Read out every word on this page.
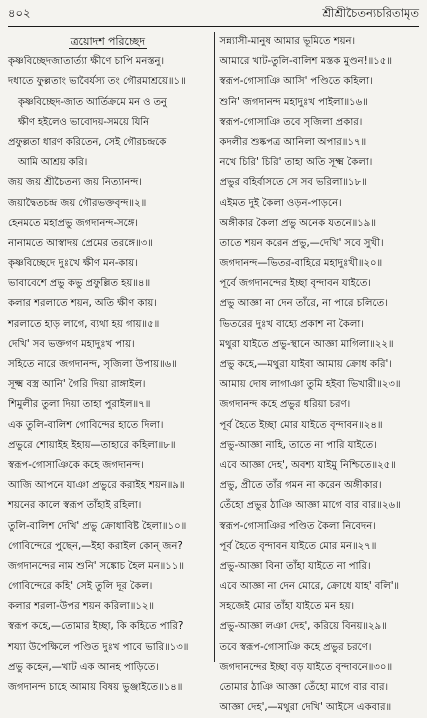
৪০২	শ্রীশ্রীচৈতন্যচরিতামৃত
ত্রয়োদশ পরিচ্ছেদ
কৃষ্ণবিচ্ছেদজাতার্ত্যা ক্ষীণে চাপি মনস্তনু।
দধাতে ফুল্লতাং ভাবৈর্যস্য তং গৌরমাশ্রয়ে॥১॥
কৃষ্ণবিচ্ছেদ-জাত আর্তিক্রমে মন ও তনু
ক্ষীণ হইলেও ভাবোদয়-সময়ে যিনি
প্রফুল্লতা ধারণ করিতেন, সেই গৌরচন্দ্রকে
আমি আশ্রয় করি।
জয় জয় শ্রীচৈতন্য জয় নিত্যানন্দ।
জয়াদ্বৈতচন্দ্র জয় গৌরভক্তবৃন্দ॥২॥
হেনমতে মহাপ্রভু জগদানন্দ-সঙ্গে।
নানামতে আস্বাদয় প্রেমের তরঙ্গে॥৩॥
কৃষ্ণবিচ্ছেদে দুঃখে ক্ষীণ মন-কায়।
ভাবাবেশে প্রভু কভু প্রফুল্লিত হয়॥৪॥
কলার শরলাতে শয়ন, অতি ক্ষীণ কায়।
শরলাতে হাড় লাগে, ব্যথা হয় গায়॥৫॥
দেখি' সব ভক্তগণ মহাদুঃখ পায়।
সহিতে নারে জগদানন্দ, সৃজিলা উপায়॥৬॥
সূক্ষ্ম বস্ত্র আনি' গৈরি দিয়া রাঙ্গাইল।
শিমুলীর তুলা দিয়া তাহা পুরাইল॥৭॥
এক তুলি-বালিশ গোবিন্দের হাতে দিলা।
প্রভুরে শোয়াইহ ইহায়—তাহারে কহিলা॥৮॥
স্বরূপ-গোসাঞিকে কহে জগদানন্দ।
আজি আপনে যাঞা প্রভুরে করাইহ শয়ন॥৯॥
শয়নের কালে স্বরূপ তাঁহাই রহিলা।
তুলি-বালিশ দেখি' প্রভু ক্রোধাবিষ্ট হৈলা॥১০॥
গোবিন্দেরে পুছেন,—ইহা করাইল কোন্ জন?
জগদানন্দের নাম শুনি' সঙ্কোচ হৈল মন॥১১॥
গোবিন্দেরে কহি' সেই তুলি দূর কৈল।
কলার শরলা-উপর শয়ন করিলা॥১২॥
স্বরূপ কহে,—তোমার ইচ্ছা, কি কহিতে পারি?
শয্যা উপেক্ষিলে পণ্ডিত দুঃখ পাবে ভারি॥১৩॥
প্রভু কহেন,—খাট এক আনহ পাড়িতে।
জগদানন্দ চাহে আমায় বিষয় ভুঞ্জাইতে॥১৪॥
সন্ন্যাসী-মানুষ আমার ভূমিতে শয়ন।
আমারে খাট-তুলি-বালিশ মস্তক মুণ্ডন!॥১৫॥
স্বরূপ-গোসাঞি আসি' পণ্ডিতে কহিলা।
শুনি' জগদানন্দ মহাদুঃখ পাইলা॥১৬॥
স্বরূপ-গোসাঞি তবে সৃজিলা প্রকার।
কদলীর শুষ্কপত্র আনিলা অপার॥১৭॥
নখে চিরি' চিরি' তাহা অতি সূক্ষ্ম কৈলা।
প্রভুর বহির্বাসতে সে সব ভরিলা॥১৮॥
এইমত দুই কৈলা ওড়ন-পাড়নে।
অঙ্গীকার কৈলা প্রভু অনেক যতনে॥১৯॥
তাতে শয়ন করেন প্রভু,—দেখি' সবে সুখী।
জগদানন্দ—ভিতর-বাহিরে মহাদুঃখী॥২০॥
পূর্বে জগদানন্দের ইচ্ছা বৃন্দাবন যাইতে।
প্রভু আজ্ঞা না দেন তাঁরে, না পারে চলিতে।
ভিতরের দুঃখ বাহ্যে প্রকাশ না কৈলা।
মথুরা যাইতে প্রভু-স্থানে আজ্ঞা মাগিলা॥২২॥
প্রভু কহে,—মথুরা যাইবা আমায় ক্রোধ করি'।
আমায় দোষ লাগাঞা তুমি হইবা ভিখারী॥২৩॥
জগদানন্দ কহে প্রভুর ধরিয়া চরণ।
পূর্ব হৈতে ইচ্ছা মোর যাইতে বৃন্দাবন॥২৪॥
প্রভু-আজ্ঞা নাহি, তাতে না পারি যাইতে।
এবে আজ্ঞা দেহ', অবশ্য যাইমু নিশ্চিতে॥২৫॥
প্রভু, প্রীতে তাঁর গমন না করেন অঙ্গীকার।
তেঁহো প্রভুর ঠাঞি আজ্ঞা মাগে বার বার॥২৬॥
স্বরূপ-গোসাঞির পণ্ডিত কৈলা নিবেদন।
পূর্ব হৈতে বৃন্দাবন যাইতে মোর মন॥২৭॥
প্রভু-আজ্ঞা বিনা তাঁহা যাইতে না পারি।
এবে আজ্ঞা না দেন মোরে, ক্রোধে যাহ' বলি'॥
সহজেই মোর তাঁহা যাইতে মন হয়।
প্রভু-আজ্ঞা লঞা দেহ', করিয়ে বিনয়॥২৯॥
তবে স্বরূপ-গোসাঞি কহে প্রভুর চরণে।
জগদানন্দের ইচ্ছা বড় যাইতে বৃন্দাবনে॥৩০॥
তোমার ঠাঞি আজ্ঞা তেঁহো মাগে বার বার।
আজ্ঞা দেহ',—মথুরা দেখি' আইসে একবার॥
